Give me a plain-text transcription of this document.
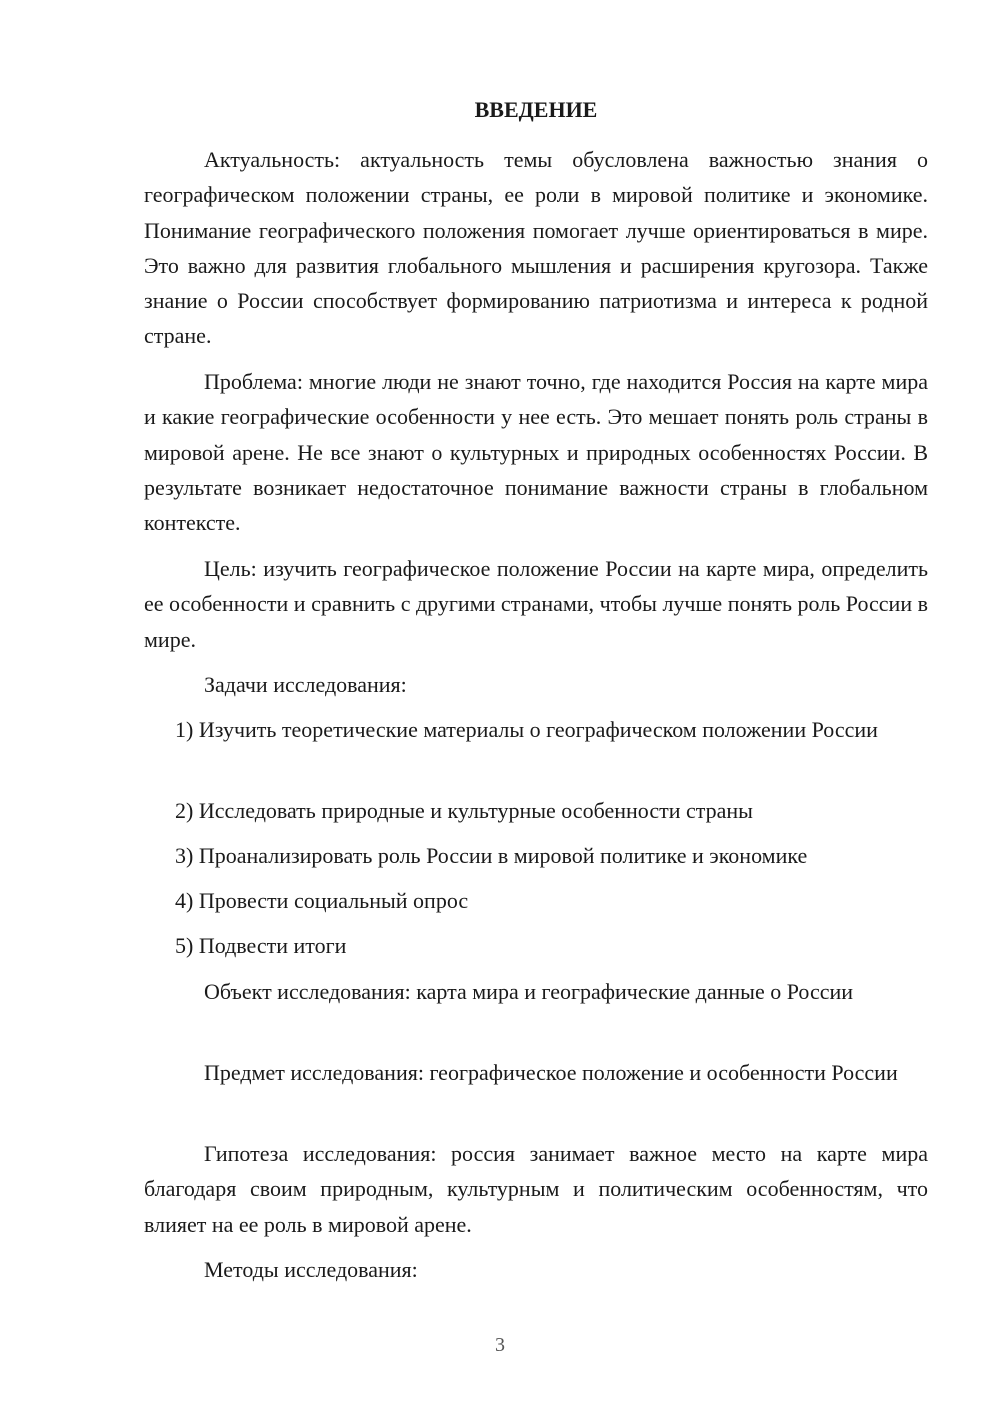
ВВЕДЕНИЕ

Актуальность: актуальность темы обусловлена важностью знания о географическом положении страны, ее роли в мировой политике и экономике. Понимание географического положения помогает лучше ориентироваться в мире. Это важно для развития глобального мышления и расширения кругозора. Также знание о России способствует формированию патриотизма и интереса к родной стране.

Проблема: многие люди не знают точно, где находится Россия на карте мира и какие географические особенности у нее есть. Это мешает понять роль страны в мировой арене. Не все знают о культурных и природных особенностях России. В результате возникает недостаточное понимание важности страны в глобальном контексте.

Цель: изучить географическое положение России на карте мира, определить ее особенности и сравнить с другими странами, чтобы лучше понять роль России в мире.

Задачи исследования:

1) Изучить теоретические материалы о географическом положении России

2) Исследовать природные и культурные особенности страны

3) Проанализировать роль России в мировой политике и экономике

4) Провести социальный опрос

5) Подвести итоги

Объект исследования: карта мира и географические данные о России

Предмет исследования: географическое положение и особенности России

Гипотеза исследования: россия занимает важное место на карте мира благодаря своим природным, культурным и политическим особенностям, что влияет на ее роль в мировой арене.

Методы исследования:

3
